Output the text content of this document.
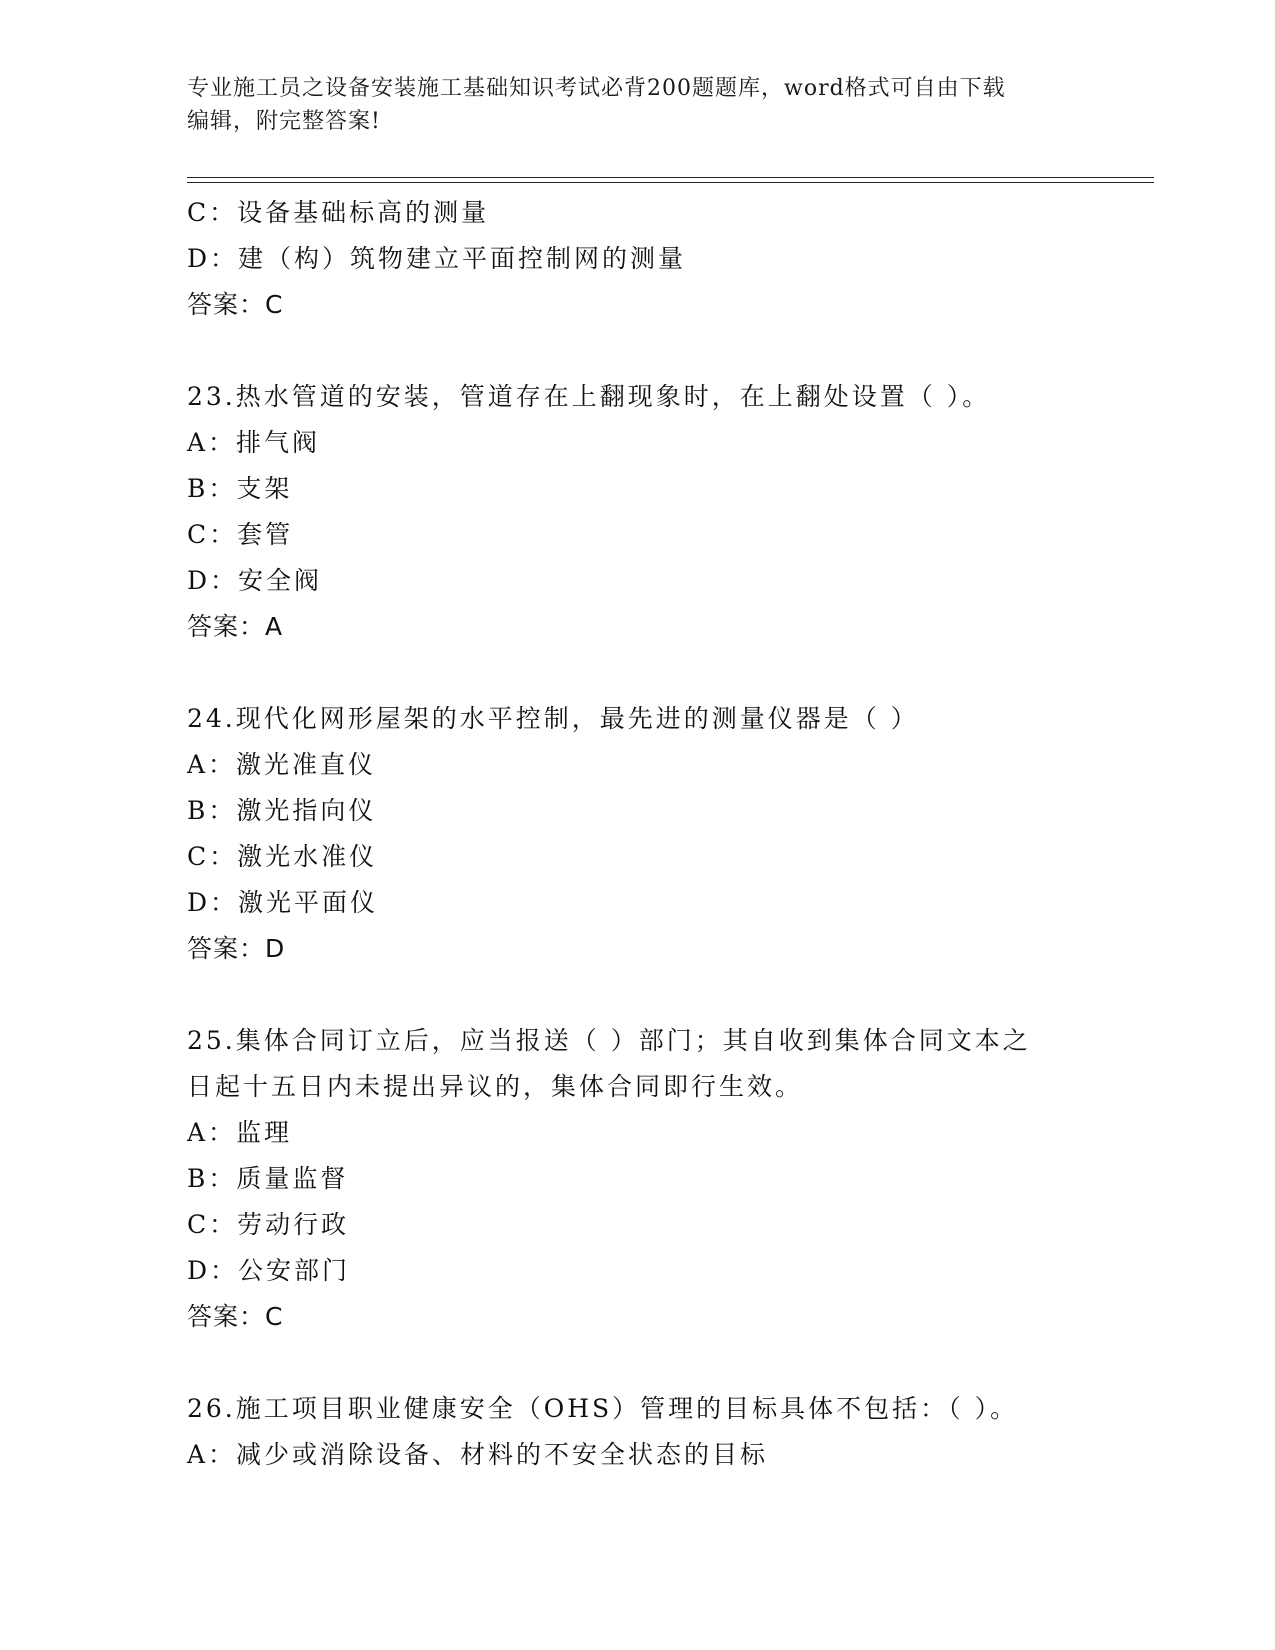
专业施工员之设备安装施工基础知识考试必背200题题库，word格式可自由下载
编辑，附完整答案!
C：设备基础标高的测量
D：建（构）筑物建立平面控制网的测量
答案：C
23.热水管道的安装，管道存在上翻现象时，在上翻处设置（ ）。
A：排气阀
B：支架
C：套管
D：安全阀
答案：A
24.现代化网形屋架的水平控制，最先进的测量仪器是（ ）
A：激光准直仪
B：激光指向仪
C：激光水准仪
D：激光平面仪
答案：D
25.集体合同订立后，应当报送（ ）部门；其自收到集体合同文本之
日起十五日内未提出异议的，集体合同即行生效。
A：监理
B：质量监督
C：劳动行政
D：公安部门
答案：C
26.施工项目职业健康安全（OHS）管理的目标具体不包括：（ ）。
A：减少或消除设备、材料的不安全状态的目标
